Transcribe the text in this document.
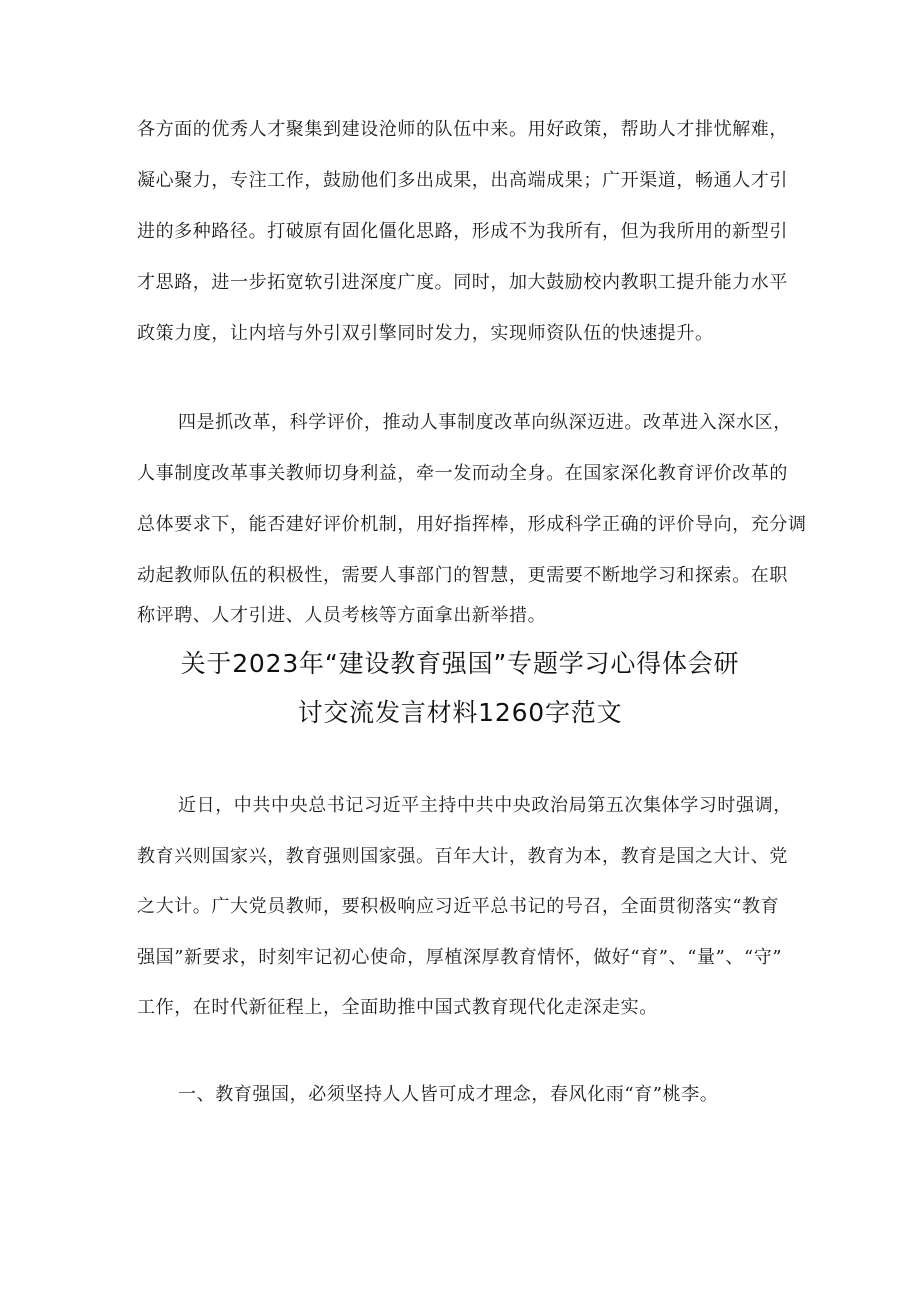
各方面的优秀人才聚集到建设沧师的队伍中来。用好政策，帮助人才排忧解难，
凝心聚力，专注工作，鼓励他们多出成果，出高端成果；广开渠道，畅通人才引
进的多种路径。打破原有固化僵化思路，形成不为我所有，但为我所用的新型引
才思路，进一步拓宽软引进深度广度。同时，加大鼓励校内教职工提升能力水平
政策力度，让内培与外引双引擎同时发力，实现师资队伍的快速提升。
四是抓改革，科学评价，推动人事制度改革向纵深迈进。改革进入深水区，
人事制度改革事关教师切身利益，牵一发而动全身。在国家深化教育评价改革的
总体要求下，能否建好评价机制，用好指挥棒，形成科学正确的评价导向，充分调
动起教师队伍的积极性，需要人事部门的智慧，更需要不断地学习和探索。在职
称评聘、人才引进、人员考核等方面拿出新举措。
关于2023年“建设教育强国”专题学习心得体会研
讨交流发言材料1260字范文
近日，中共中央总书记习近平主持中共中央政治局第五次集体学习时强调，
教育兴则国家兴，教育强则国家强。百年大计，教育为本，教育是国之大计、党
之大计。广大党员教师，要积极响应习近平总书记的号召，全面贯彻落实“教育
强国”新要求，时刻牢记初心使命，厚植深厚教育情怀，做好“育”、“量”、“守”
工作，在时代新征程上，全面助推中国式教育现代化走深走实。
一、教育强国，必须坚持人人皆可成才理念，春风化雨“育”桃李。
